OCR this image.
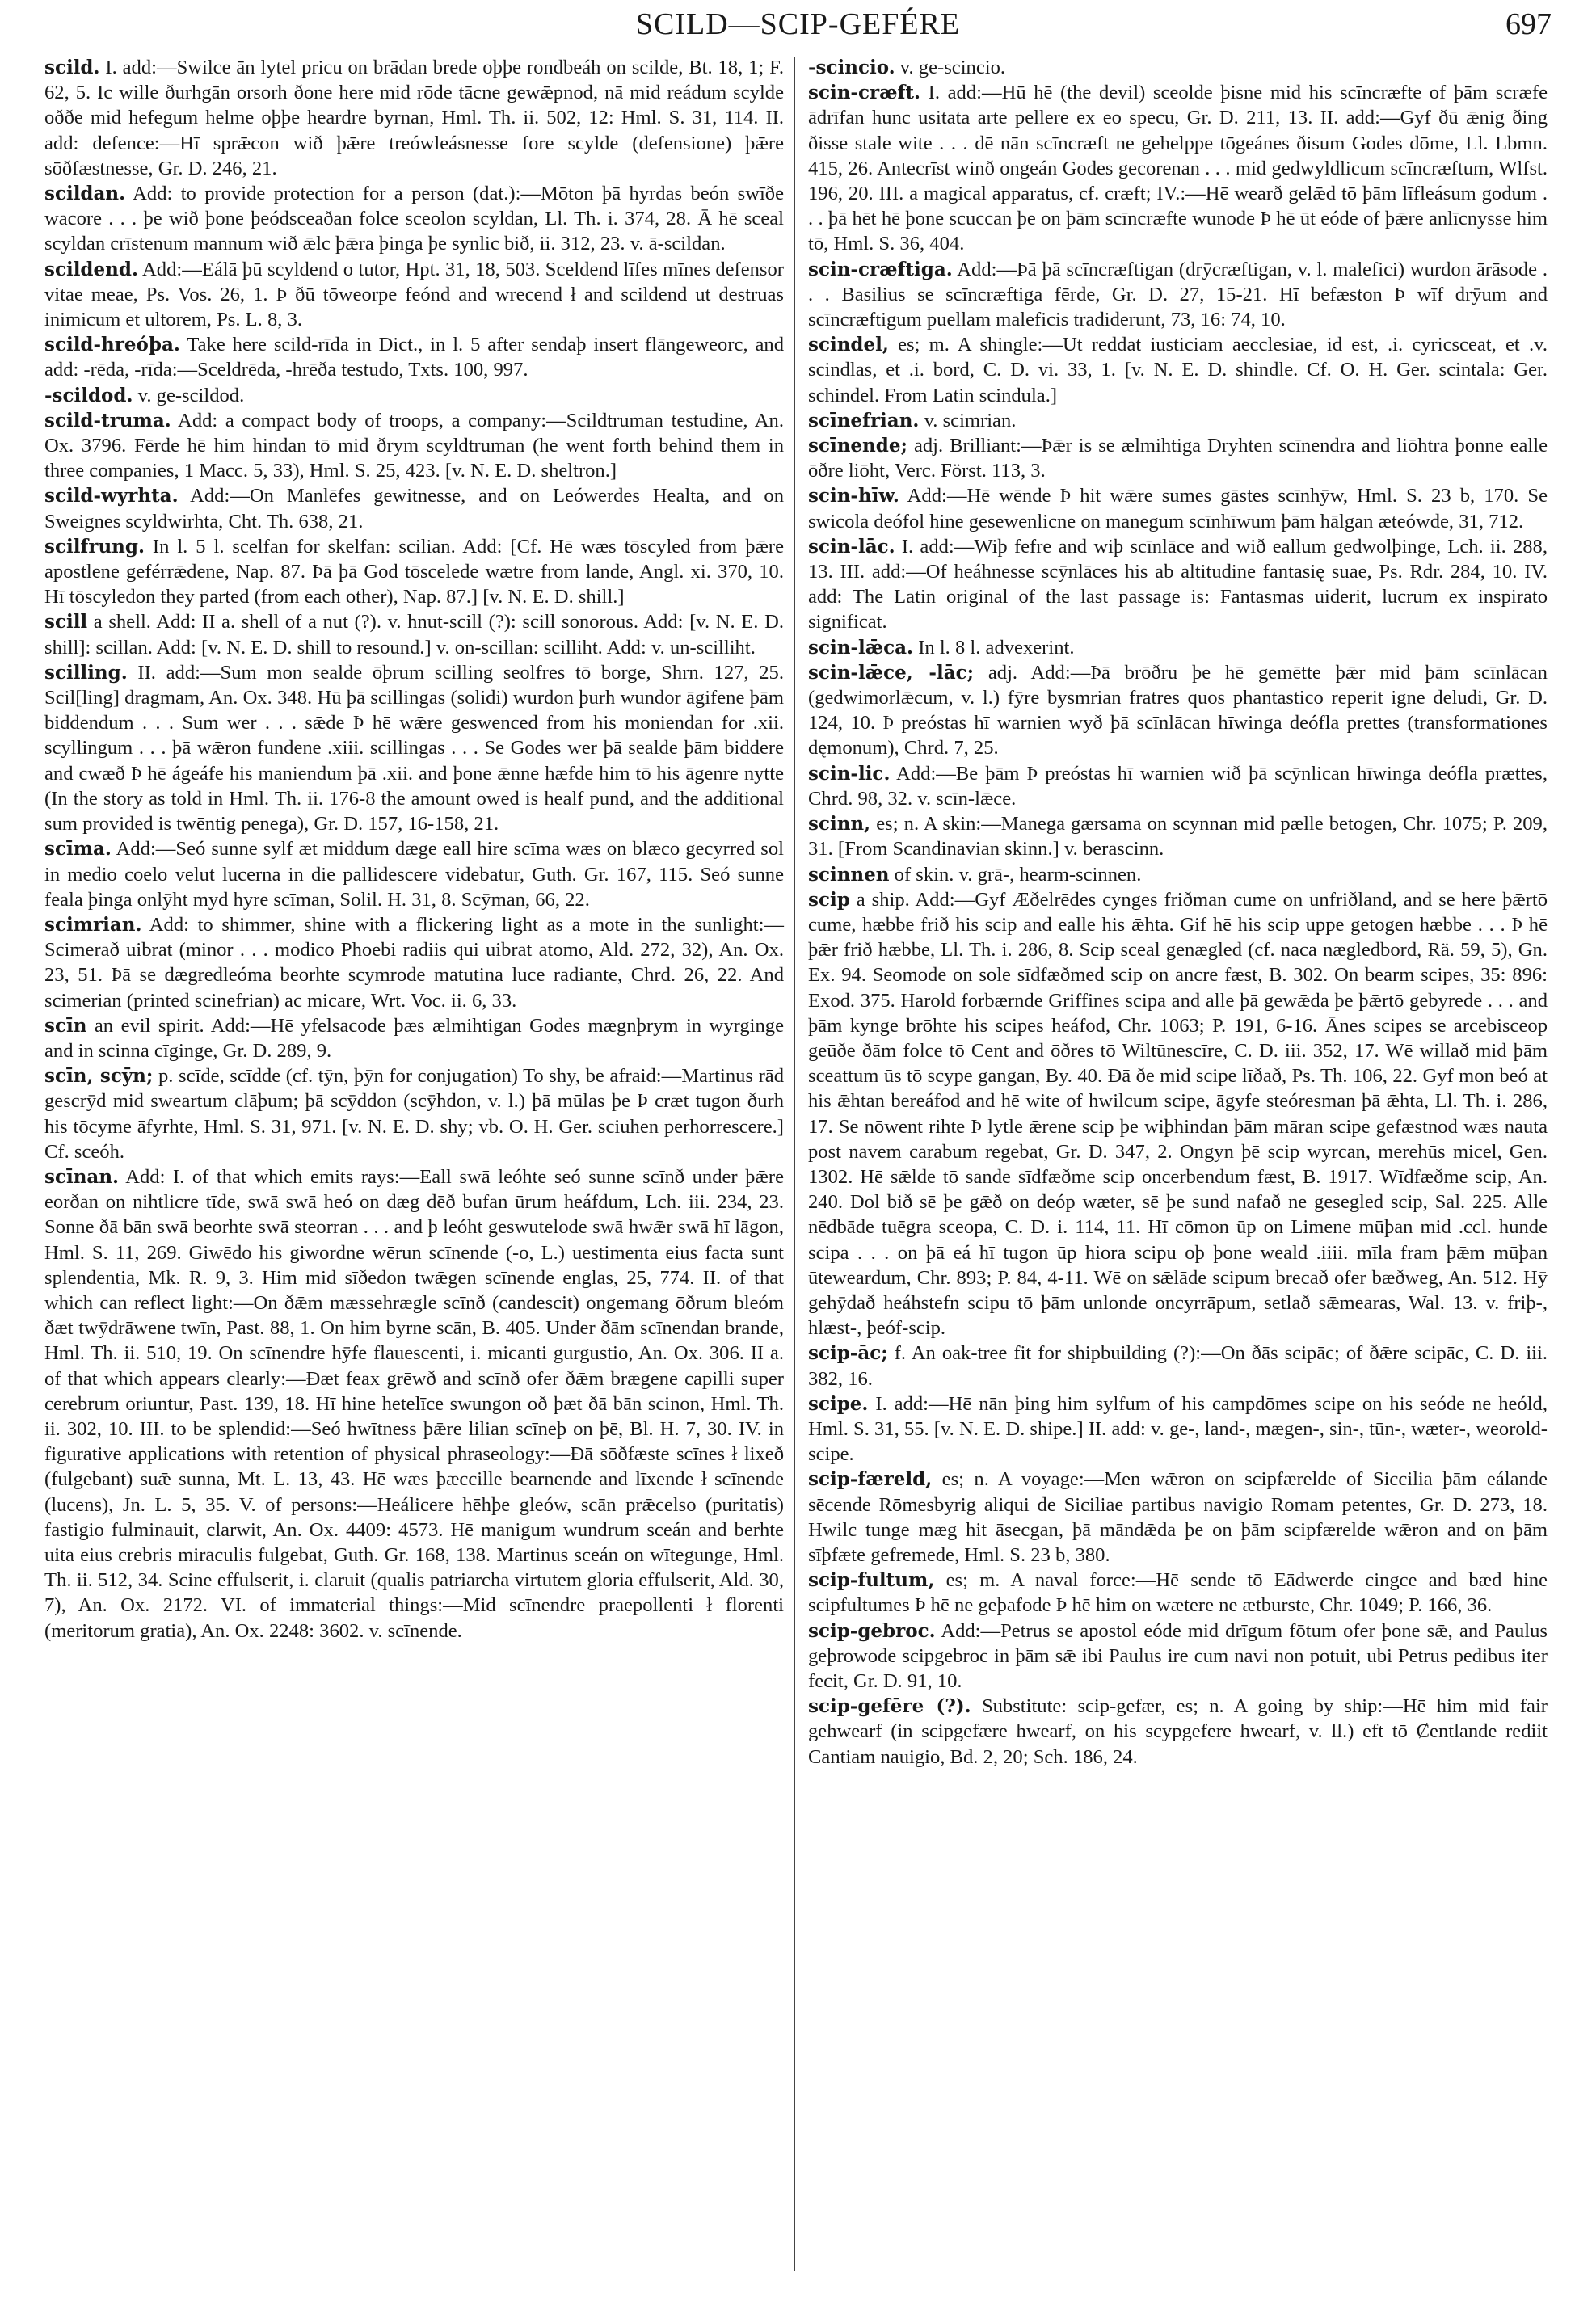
SCILD—SCIP-GEFÉRE	697

scild. I. add:—Swilce ān lytel pricu on brādan brede oþþe rondbeáh on scilde, Bt. 18, 1; F. 62, 5. Ic wille ðurhgān orsorh ðone here mid rōde tācne gewǣpnod, nā mid reádum scylde oððe mid hefegum helme oþþe heardre byrnan, Hml. Th. ii. 502, 12: Hml. S. 31, 114. II. add: defence:—Hī sprǣcon wið þǣre treówleásnesse fore scylde (defensione) þǣre sōðfæstnesse, Gr. D. 246, 21.

scildan. Add: to provide protection for a person (dat.):—Mōton þā hyrdas beón swīðe wacore . . . þe wið þone þeódsceaðan folce sceolon scyldan, Ll. Th. i. 374, 28. Ā hē sceal scyldan crīstenum mannum wið ǣlc þǣra þinga þe synlic bið, ii. 312, 23. v. ā-scildan.

scildend. Add:—Eálā þū scyldend o tutor, Hpt. 31, 18, 503. Sceldend līfes mīnes defensor vitae meae, Ps. Vos. 26, 1. Þ ðū tōweorpe feónd and wrecend ł and scildend ut destruas inimicum et ultorem, Ps. L. 8, 3.

scild-hreóþa. Take here scild-rīda in Dict., in l. 5 after sendaþ insert flāngeweorc, and add: -rēda, -rīda:—Sceldrēda, -hrēða testudo, Txts. 100, 997.

-scildod. v. ge-scildod.

scild-truma. Add: a compact body of troops, a company:—Scildtruman testudine, An. Ox. 3796. Fērde hē him hindan tō mid ðrym scyldtruman (he went forth behind them in three companies, 1 Macc. 5, 33), Hml. S. 25, 423. [v. N. E. D. sheltron.]

scild-wyrhta. Add:—On Manlēfes gewitnesse, and on Leówerdes Healta, and on Sweignes scyldwirhta, Cht. Th. 638, 21.

scilfrung. In l. 5 l. scelfan for skelfan: scilian. Add: [Cf. Hē wæs tōscyled from þǣre apostlene geférrǣdene, Nap. 87. Þā þā God tōscelede wætre from lande, Angl. xi. 370, 10. Hī tōscyledon they parted (from each other), Nap. 87.] [v. N. E. D. shill.]

scill a shell. Add: II a. shell of a nut (?). v. hnut-scill (?): scill sonorous. Add: [v. N. E. D. shill]: scillan. Add: [v. N. E. D. shill to resound.] v. on-scillan: scilliht. Add: v. un-scilliht.

scilling. II. add:—Sum mon sealde ōþrum scilling seolfres tō borge, Shrn. 127, 25. Scil[ling] dragmam, An. Ox. 348. Hū þā scillingas (solidi) wurdon þurh wundor āgifene þām biddendum . . . Sum wer . . . sǣde Þ hē wǣre geswenced from his moniendan for .xii. scyllingum . . . þā wǣron fundene .xiii. scillingas . . . Se Godes wer þā sealde þām biddere and cwæð Þ hē ágeáfe his maniendum þā .xii. and þone ǣnne hæfde him tō his āgenre nytte (In the story as told in Hml. Th. ii. 176-8 the amount owed is healf pund, and the additional sum provided is twēntig penega), Gr. D. 157, 16-158, 21.

scīma. Add:—Seó sunne sylf æt middum dæge eall hire scīma wæs on blæco gecyrred sol in medio coelo velut lucerna in die pallidescere videbatur, Guth. Gr. 167, 115. Seó sunne feala þinga onlȳht myd hyre scīman, Solil. H. 31, 8. Scȳman, 66, 22.

scimrian. Add: to shimmer, shine with a flickering light as a mote in the sunlight:—Scimerað uibrat (minor . . . modico Phoebi radiis qui uibrat atomo, Ald. 272, 32), An. Ox. 23, 51. Þā se dægredleóma beorhte scymrode matutina luce radiante, Chrd. 26, 22. And scimerian (printed scinefrian) ac micare, Wrt. Voc. ii. 6, 33.

scīn an evil spirit. Add:—Hē yfelsacode þæs ælmihtigan Godes mægnþrym in wyrginge and in scinna cīginge, Gr. D. 289, 9.

scīn, scȳn; p. scīde, scīdde (cf. tȳn, þȳn for conjugation) To shy, be afraid:—Martinus rād gescrȳd mid sweartum clāþum; þā scȳddon (scȳhdon, v. l.) þā mūlas þe Þ cræt tugon ðurh his tōcyme āfyrhte, Hml. S. 31, 971. [v. N. E. D. shy; vb. O. H. Ger. sciuhen perhorrescere.] Cf. sceóh.

scīnan. Add: I. of that which emits rays:—Eall swā leóhte seó sunne scīnð under þǣre eorðan on nihtlicre tīde, swā swā heó on dæg dēð bufan ūrum heáfdum, Lch. iii. 234, 23. Sonne ðā bān swā beorhte swā steorran . . . and þ leóht geswutelode swā hwǣr swā hī lāgon, Hml. S. 11, 269. Giwēdo his giwordne wērun scīnende (-o, L.) uestimenta eius facta sunt splendentia, Mk. R. 9, 3. Him mid sīðedon twǣgen scīnende englas, 25, 774. II. of that which can reflect light:—On ðǣm mæssehrægle scīnð (candescit) ongemang ōðrum bleóm ðæt twȳdrāwene twīn, Past. 88, 1. On him byrne scān, B. 405. Under ðām scīnendan brande, Hml. Th. ii. 510, 19. On scīnendre hȳfe flauescenti, i. micanti gurgustio, An. Ox. 306. II a. of that which appears clearly:—Ðæt feax grēwð and scīnð ofer ðǣm brægene capilli super cerebrum oriuntur, Past. 139, 18. Hī hine hetelīce swungon oð þæt ðā bān scinon, Hml. Th. ii. 302, 10. III. to be splendid:—Seó hwītness þǣre lilian scīneþ on þē, Bl. H. 7, 30. IV. in figurative applications with retention of physical phraseology:—Ðā sōðfæste scīnes ł lixeð (fulgebant) suǣ sunna, Mt. L. 13, 43. Hē wæs þæccille bearnende and līxende ł scīnende (lucens), Jn. L. 5, 35. V. of persons:—Heálicere hēhþe gleów, scān prǣcelso (puritatis) fastigio fulminauit, clarwit, An. Ox. 4409: 4573. Hē manigum wundrum sceán and berhte uita eius crebris miraculis fulgebat, Guth. Gr. 168, 138. Martinus sceán on wītegunge, Hml. Th. ii. 512, 34. Scine effulserit, i. claruit (qualis patriarcha virtutem gloria effulserit, Ald. 30, 7), An. Ox. 2172. VI. of immaterial things:—Mid scīnendre praepollenti ł florenti (meritorum gratia), An. Ox. 2248: 3602. v. scīnende.

-scincio. v. ge-scincio.

scin-cræft. I. add:—Hū hē (the devil) sceolde þisne mid his scīncræfte of þām scræfe ādrīfan hunc usitata arte pellere ex eo specu, Gr. D. 211, 13. II. add:—Gyf ðū ǣnig ðing ðisse stale wite . . . dē nān scīncræft ne gehelppe tōgeánes ðisum Godes dōme, Ll. Lbmn. 415, 26. Antecrīst winð ongeán Godes gecorenan . . . mid gedwyldlicum scīncræftum, Wlfst. 196, 20. III. a magical apparatus, cf. cræft; IV.:—Hē wearð gelǣd tō þām līfleásum godum . . . þā hēt hē þone scuccan þe on þām scīncræfte wunode Þ hē ūt eóde of þǣre anlīcnysse him tō, Hml. S. 36, 404.

scin-cræftiga. Add:—Þā þā scīncræftigan (drȳcræftigan, v. l. malefici) wurdon ārāsode . . . Basilius se scīncræftiga fērde, Gr. D. 27, 15-21. Hī befæston Þ wīf drȳum and scīncræftigum puellam maleficis tradiderunt, 73, 16: 74, 10.

scindel, es; m. A shingle:—Ut reddat iusticiam aecclesiae, id est, .i. cyricsceat, et .v. scindlas, et .i. bord, C. D. vi. 33, 1. [v. N. E. D. shindle. Cf. O. H. Ger. scintala: Ger. schindel. From Latin scindula.]

scīnefrian. v. scimrian.

scīnende; adj. Brilliant:—Þǣr is se ælmihtiga Dryhten scīnendra and liōhtra þonne ealle ōðre liōht, Verc. Först. 113, 3.

scin-hīw. Add:—Hē wēnde Þ hit wǣre sumes gāstes scīnhȳw, Hml. S. 23 b, 170. Se swicola deófol hine gesewenlicne on manegum scīnhīwum þām hālgan æteówde, 31, 712.

scin-lāc. I. add:—Wiþ fefre and wiþ scīnlāce and wið eallum gedwolþinge, Lch. ii. 288, 13. III. add:—Of heáhnesse scȳnlāces his ab altitudine fantasię suae, Ps. Rdr. 284, 10. IV. add: The Latin original of the last passage is: Fantasmas uiderit, lucrum ex inspirato significat.

scin-lǣca. In l. 8 l. advexerint.

scin-lǣce, -lāc; adj. Add:—Þā brōðru þe hē gemētte þǣr mid þām scīnlācan (gedwimorlǣcum, v. l.) fȳre bysmrian fratres quos phantastico reperit igne deludi, Gr. D. 124, 10. Þ preóstas hī warnien wyð þā scīnlācan hīwinga deófla prettes (transformationes dęmonum), Chrd. 7, 25.

scin-lic. Add:—Be þām Þ preóstas hī warnien wið þā scȳnlican hīwinga deófla prættes, Chrd. 98, 32. v. scīn-lǣce.

scinn, es; n. A skin:—Manega gærsama on scynnan mid pælle betogen, Chr. 1075; P. 209, 31. [From Scandinavian skinn.] v. berascinn.

scinnen of skin. v. grā-, hearm-scinnen.

scip a ship. Add:—Gyf Æðelrēdes cynges friðman cume on unfriðland, and se here þǣrtō cume, hæbbe frið his scip and ealle his ǣhta. Gif hē his scip uppe getogen hæbbe . . . Þ hē þǣr frið hæbbe, Ll. Th. i. 286, 8. Scip sceal genægled (cf. naca nægledbord, Rä. 59, 5), Gn. Ex. 94. Seomode on sole sīdfæðmed scip on ancre fæst, B. 302. On bearm scipes, 35: 896: Exod. 375. Harold forbærnde Griffines scipa and alle þā gewǣda þe þǣrtō gebyrede . . . and þām kynge brōhte his scipes heáfod, Chr. 1063; P. 191, 6-16. Ānes scipes se arcebisceop geūðe ðām folce tō Cent and ōðres tō Wiltūnescīre, C. D. iii. 352, 17. Wē willað mid þām sceattum ūs tō scype gangan, By. 40. Ðā ðe mid scipe līðað, Ps. Th. 106, 22. Gyf mon beó at his ǣhtan bereáfod and hē wite of hwilcum scipe, āgyfe steóresman þā ǣhta, Ll. Th. i. 286, 17. Se nōwent rihte Þ lytle ǣrene scip þe wiþhindan þām māran scipe gefæstnod wæs nauta post navem carabum regebat, Gr. D. 347, 2. Ongyn þē scip wyrcan, merehūs micel, Gen. 1302. Hē sǣlde tō sande sīdfæðme scip oncerbendum fæst, B. 1917. Wīdfæðme scip, An. 240. Dol bið sē þe gǣð on deóp wæter, sē þe sund nafað ne gesegled scip, Sal. 225. Alle nēdbāde tuēgra sceopa, C. D. i. 114, 11. Hī cōmon ūp on Limene mūþan mid .ccl. hunde scipa . . . on þā eá hī tugon ūp hiora scipu oþ þone weald .iiii. mīla fram þǣm mūþan ūteweardum, Chr. 893; P. 84, 4-11. Wē on sǣlāde scipum brecað ofer bæðweg, An. 512. Hȳ gehȳdað heáhstefn scipu tō þām unlonde oncyrrāpum, setlað sǣmearas, Wal. 13. v. friþ-, hlæst-, þeóf-scip.

scip-āc; f. An oak-tree fit for shipbuilding (?):—On ðās scipāc; of ðǣre scipāc, C. D. iii. 382, 16.

scipe. I. add:—Hē nān þing him sylfum of his campdōmes scipe on his seóde ne heóld, Hml. S. 31, 55. [v. N. E. D. shipe.] II. add: v. ge-, land-, mægen-, sin-, tūn-, wæter-, weorold-scipe.

scip-færeld, es; n. A voyage:—Men wǣron on scipfærelde of Siccilia þām eálande sēcende Rōmesbyrig aliqui de Siciliae partibus navigio Romam petentes, Gr. D. 273, 18. Hwilc tunge mæg hit āsecgan, þā māndǣda þe on þām scipfærelde wǣron and on þām sīþfæte gefremede, Hml. S. 23 b, 380.

scip-fultum, es; m. A naval force:—Hē sende tō Eādwerde cingce and bæd hine scipfultumes Þ hē ne geþafode Þ hē him on wætere ne ætburste, Chr. 1049; P. 166, 36.

scip-gebroc. Add:—Petrus se apostol eóde mid drīgum fōtum ofer þone sǣ, and Paulus geþrowode scipgebroc in þām sǣ ibi Paulus ire cum navi non potuit, ubi Petrus pedibus iter fecit, Gr. D. 91, 10.

scip-gefēre (?). Substitute: scip-gefær, es; n. A going by ship:—Hē him mid fair gehwearf (in scipgefære hwearf, on his scypgefere hwearf, v. ll.) eft tō Ȼentlande rediit Cantiam nauigio, Bd. 2, 20; Sch. 186, 24.
